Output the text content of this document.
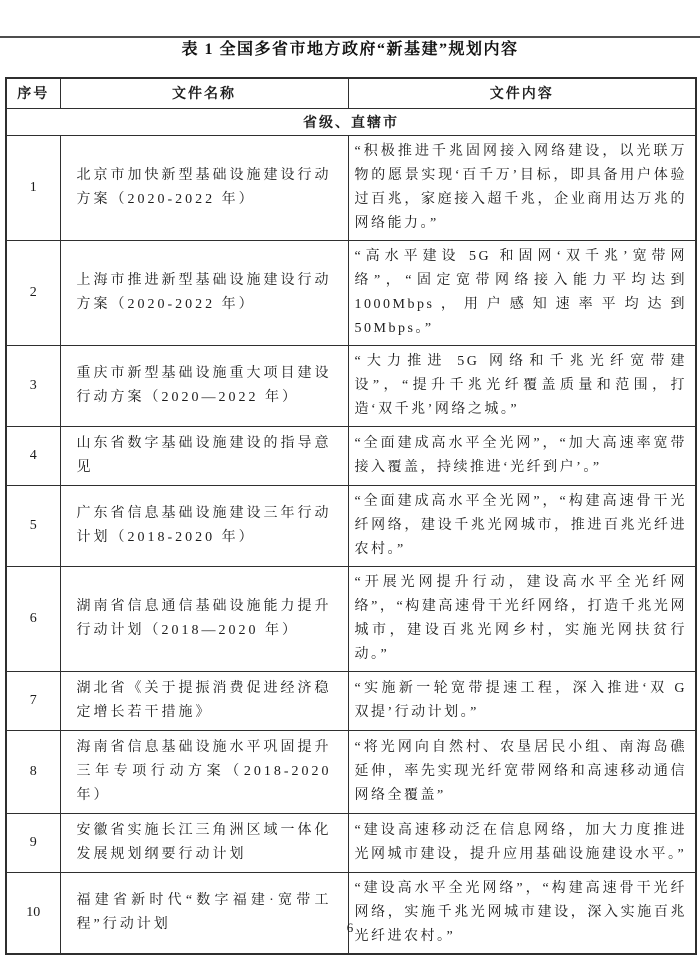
表 1 全国多省市地方政府“新基建”规划内容
序号	文件名称	文件内容
省级、直辖市		
1	北京市加快新型基础设施建设行动方案（2020-2022 年）	“积极推进千兆固网接入网络建设，以光联万物的愿景实现‘百千万’目标，即具备用户体验过百兆，家庭接入超千兆，企业商用达万兆的网络能力。”
2	上海市推进新型基础设施建设行动方案（2020-2022 年）	“高水平建设 5G 和固网‘双千兆’宽带网络”，“固定宽带网络接入能力平均达到 1000Mbps，用户感知速率平均达到 50Mbps。”
3	重庆市新型基础设施重大项目建设行动方案（2020—2022 年）	“大力推进 5G 网络和千兆光纤宽带建设”，“提升千兆光纤覆盖质量和范围，打造‘双千兆’网络之城。”
4	山东省数字基础设施建设的指导意见	“全面建成高水平全光网”，“加大高速率宽带接入覆盖，持续推进‘光纤到户’。”
5	广东省信息基础设施建设三年行动计划（2018-2020 年）	“全面建成高水平全光网”，“构建高速骨干光纤网络，建设千兆光网城市，推进百兆光纤进农村。”
6	湖南省信息通信基础设施能力提升行动计划（2018—2020 年）	“开展光网提升行动，建设高水平全光纤网络”，“构建高速骨干光纤网络，打造千兆光网城市，建设百兆光网乡村，实施光网扶贫行动。”
7	湖北省《关于提振消费促进经济稳定增长若干措施》	“实施新一轮宽带提速工程，深入推进‘双 G 双提’行动计划。”
8	海南省信息基础设施水平巩固提升三年专项行动方案（2018-2020 年）	“将光网向自然村、农垦居民小组、南海岛礁延伸，率先实现光纤宽带网络和高速移动通信网络全覆盖”
9	安徽省实施长江三角洲区域一体化发展规划纲要行动计划	“建设高速移动泛在信息网络，加大力度推进光网城市建设，提升应用基础设施建设水平。”
10	福建省新时代“数字福建·宽带工程”行动计划	“建设高水平全光网络”，“构建高速骨干光纤网络，实施千兆光网城市建设，深入实施百兆光纤进农村。”
6
